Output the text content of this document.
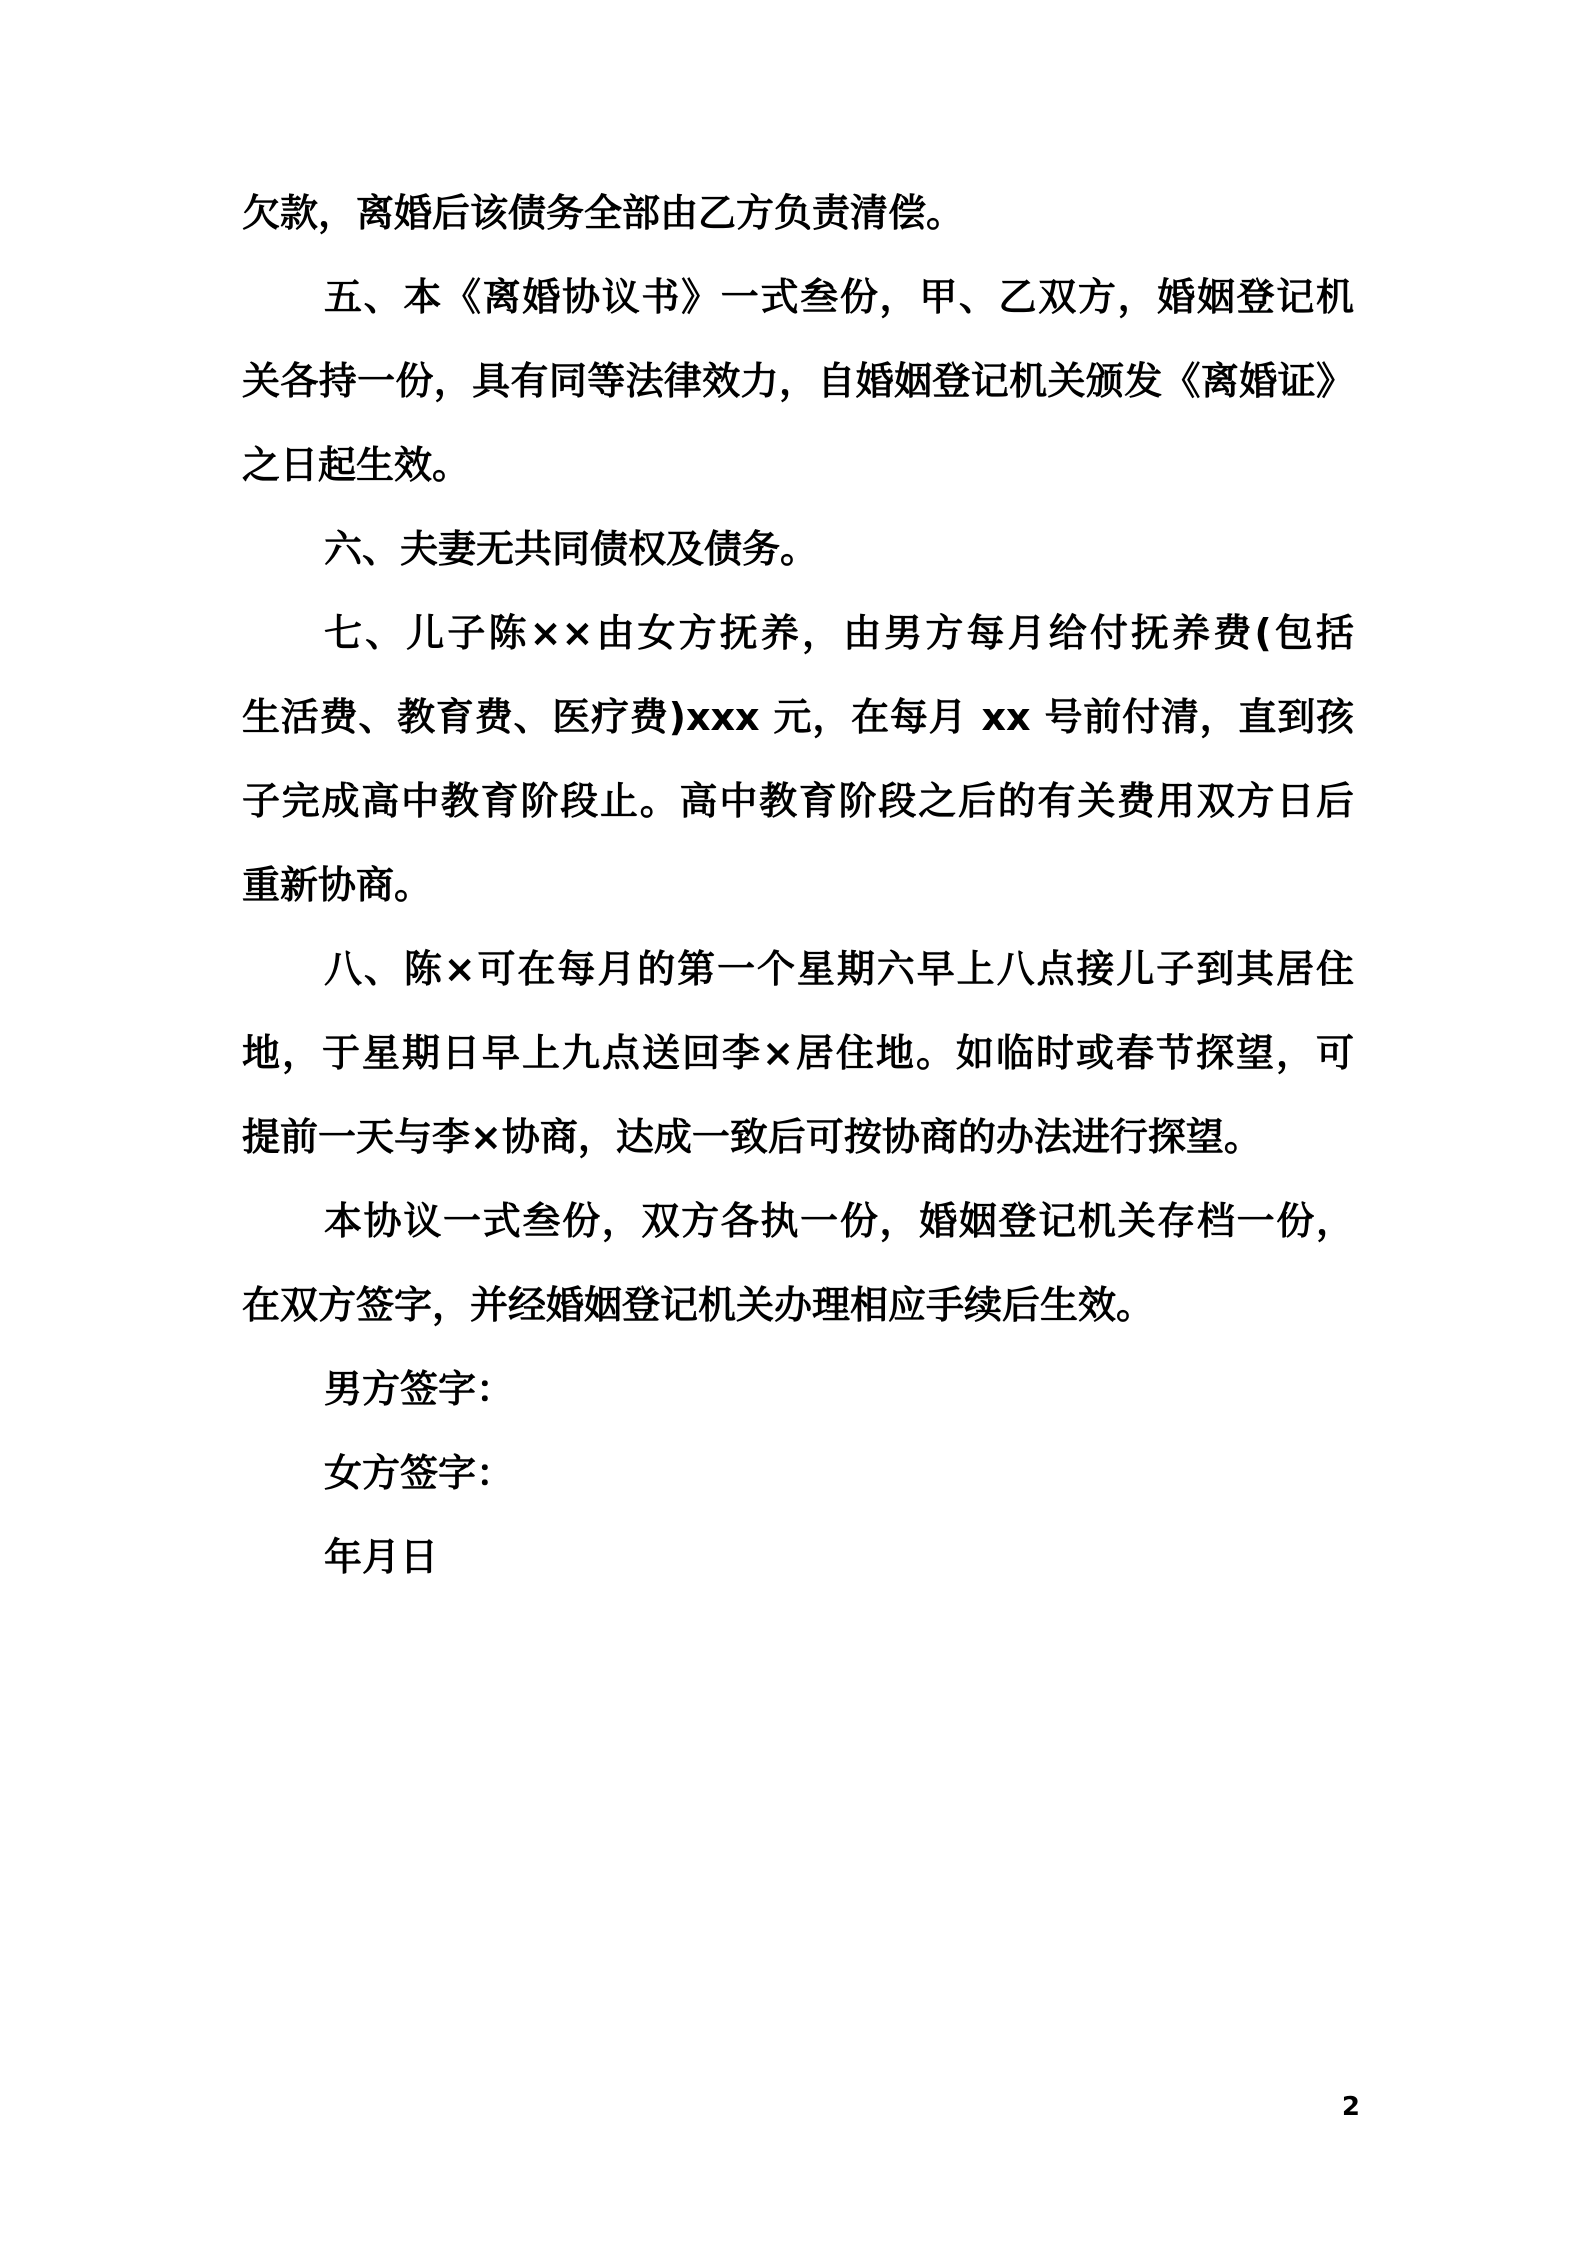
欠款，离婚后该债务全部由乙方负责清偿。
五、本《离婚协议书》一式叁份，甲、乙双方，婚姻登记机
关各持一份，具有同等法律效力，自婚姻登记机关颁发《离婚证》
之日起生效。
六、夫妻无共同债权及债务。
七、儿子陈××由女方抚养，由男方每月给付抚养费(包括
生活费、教育费、医疗费)xxx 元，在每月 xx 号前付清，直到孩
子完成高中教育阶段止。高中教育阶段之后的有关费用双方日后
重新协商。
八、陈×可在每月的第一个星期六早上八点接儿子到其居住
地，于星期日早上九点送回李×居住地。如临时或春节探望，可
提前一天与李×协商，达成一致后可按协商的办法进行探望。
本协议一式叁份，双方各执一份，婚姻登记机关存档一份，
在双方签字，并经婚姻登记机关办理相应手续后生效。
男方签字：
女方签字：
年月日
2
